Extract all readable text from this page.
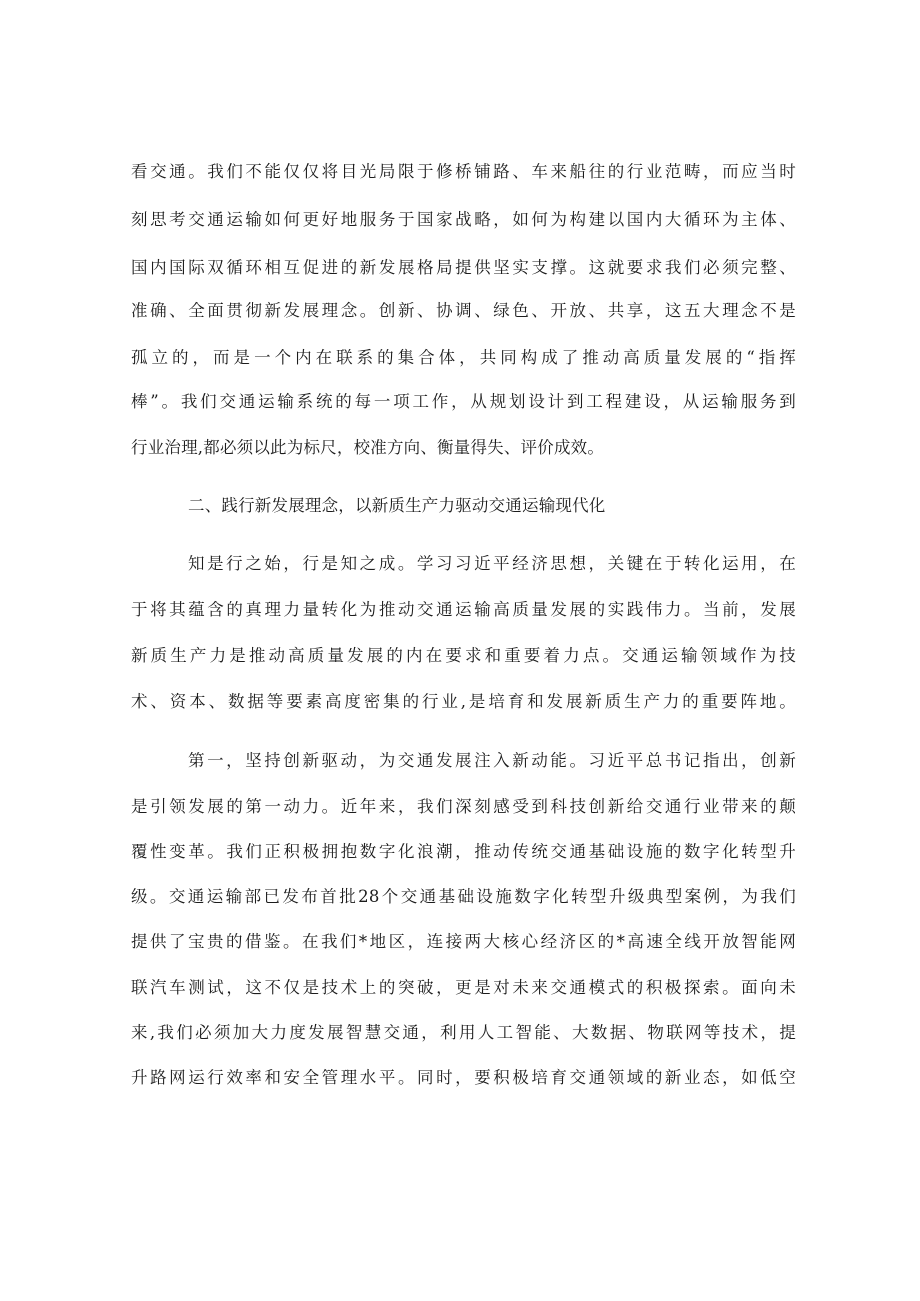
看交通。我们不能仅仅将目光局限于修桥铺路、车来船往的行业范畴，而应当时
刻思考交通运输如何更好地服务于国家战略，如何为构建以国内大循环为主体、
国内国际双循环相互促进的新发展格局提供坚实支撑。这就要求我们必须完整、
准确、全面贯彻新发展理念。创新、协调、绿色、开放、共享，这五大理念不是
孤立的，而是一个内在联系的集合体，共同构成了推动高质量发展的“指挥
棒”。我们交通运输系统的每一项工作，从规划设计到工程建设，从运输服务到
行业治理,都必须以此为标尺，校准方向、衡量得失、评价成效。
二、践行新发展理念，以新质生产力驱动交通运输现代化
知是行之始，行是知之成。学习习近平经济思想，关键在于转化运用，在
于将其蕴含的真理力量转化为推动交通运输高质量发展的实践伟力。当前，发展
新质生产力是推动高质量发展的内在要求和重要着力点。交通运输领域作为技
术、资本、数据等要素高度密集的行业,是培育和发展新质生产力的重要阵地。
第一，坚持创新驱动，为交通发展注入新动能。习近平总书记指出，创新
是引领发展的第一动力。近年来，我们深刻感受到科技创新给交通行业带来的颠
覆性变革。我们正积极拥抱数字化浪潮，推动传统交通基础设施的数字化转型升
级。交通运输部已发布首批28个交通基础设施数字化转型升级典型案例，为我们
提供了宝贵的借鉴。在我们*地区，连接两大核心经济区的*高速全线开放智能网
联汽车测试，这不仅是技术上的突破，更是对未来交通模式的积极探索。面向未
来,我们必须加大力度发展智慧交通，利用人工智能、大数据、物联网等技术，提
升路网运行效率和安全管理水平。同时，要积极培育交通领域的新业态，如低空
